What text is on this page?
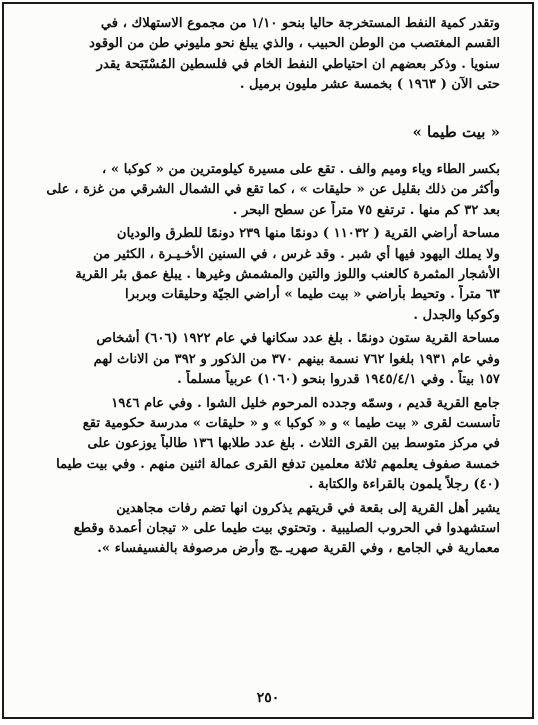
وتقدر كمية النفط المستخرجة حاليا بنحو ١/١٠ من مجموع الاستهلاك ، في
القسم المغتصب من الوطن الحبيب ، والذي يبلغ نحو مليوني طن من الوقود
سنويا . وذكر بعضهم ان احتياطي النفط الخام في فلسطين المُسْتَبَحة يقدر
حتى الآن ( ١٩٦٣ ) بخمسة عشر مليون برميل .
« بيت طيما »
بكسر الطاء وياء وميم والف . تقع على مسيرة كيلومترين من « كوكبا » ،
وأكثر من ذلك بقليل عن « حليقات » ، كما تقع في الشمال الشرقي من غزة ، على
بعد ٣٢ كم منها . ترتفع ٧٥ متراً عن سطح البحر .
مساحة أراضي القرية ( ١١٠٣٢ ) دونمًا منها ٢٣٩ دونمًا للطرق والوديان
ولا يملك اليهود فيها أي شبر . وقد غرس ، في السنين الأخـيـرة ، الكثير من
الأشجار المثمرة كالعنب واللوز والتين والمشمش وغيرها . يبلغ عمق بئر القرية
٦٣ متراً . وتحيط بأراضي « بيت طيما » أراضي الجيّة وحليقات وبربرا
وكوكبا والجدل .
مساحة القرية ستون دونمًا . بلغ عدد سكانها في عام ١٩٢٢ (٦٠٦) أشخاص
وفي عام ١٩٣١ بلغوا ٧٦٢ نسمة بينهم ٣٧٠ من الذكور و ٣٩٢ من الاناث لهم
١٥٧ بيتاً . وفي ١٩٤٥/٤/١ قدروا بنحو (١٠٦٠) عربياً مسلماً .
جامع القرية قديم ، وسمّه وجدده المرحوم خليل الشوا . وفي عام ١٩٤٦
تأسست لقرى « بيت طيما » و « كوكبا » و « حليقات » مدرسة حكومية تقع
في مركز متوسط بين القرى الثلاث . بلغ عدد طلابها ١٣٦ طالباً يوزعون على
خمسة صفوف يعلمهم ثلاثة معلمين تدفع القرى عمالة اثنين منهم . وفي بيت طيما
(٤٠) رجلاً يلمون بالقراءة والكتابة .
يشير أهل القرية إلى بقعة في قريتهم يذكرون انها تضم رفات مجاهدين
استشهدوا في الحروب الصليبية . وتحتوي بيت طيما على « تيجان أعمدة وقطع
معمارية في الجامع ، وفي القرية صهريـ ـج وأرض مرصوفة بالفسيفساء ».
٢٥٠
